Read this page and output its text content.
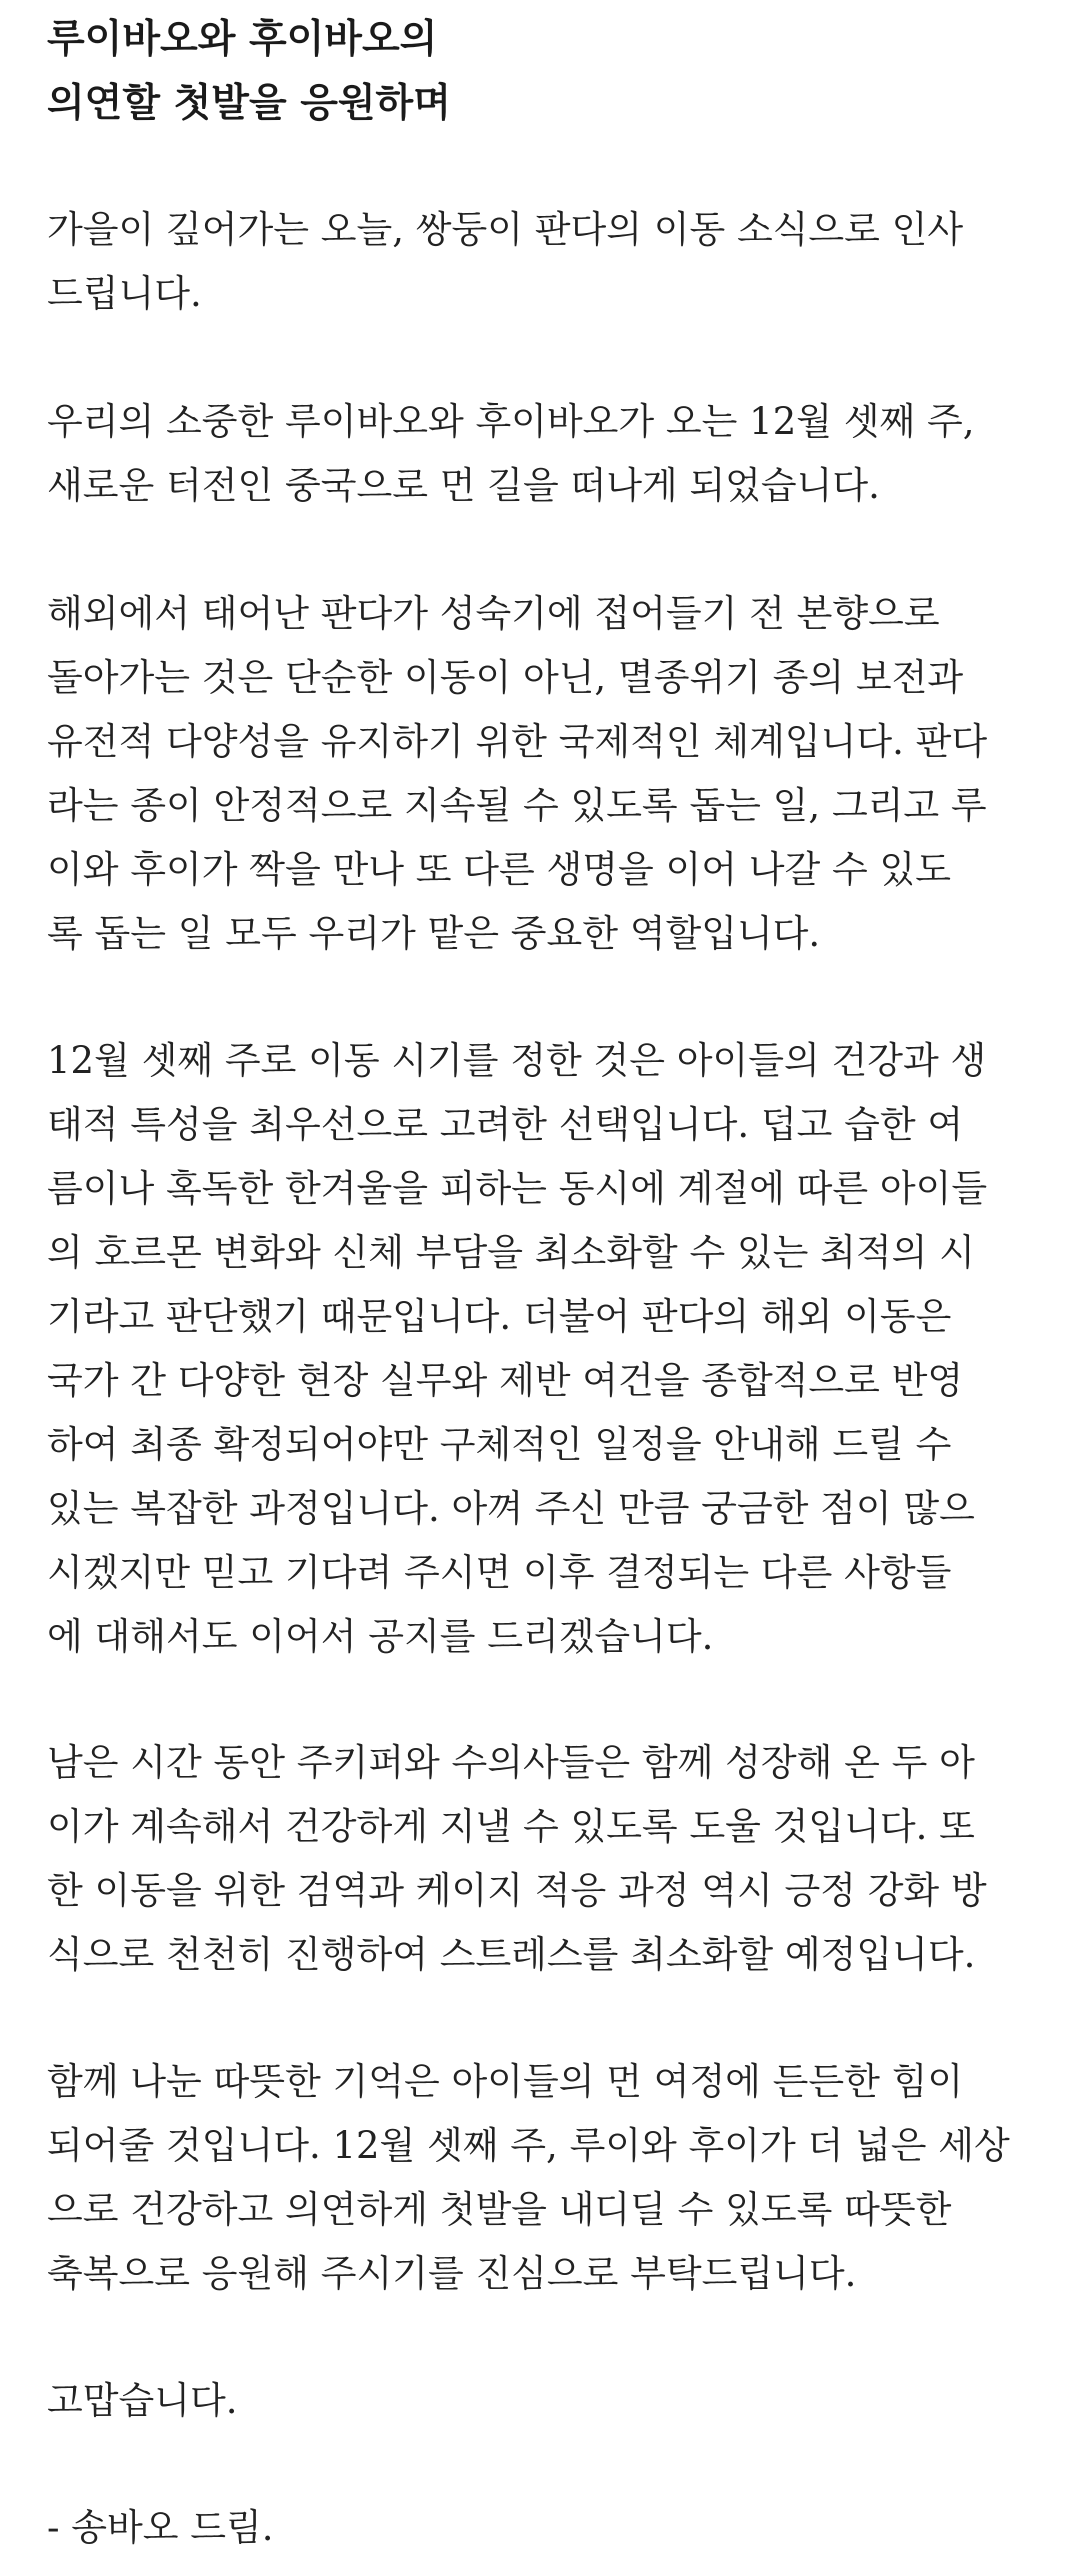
루이바오와 후이바오의
의연할 첫발을 응원하며
가을이 깊어가는 오늘, 쌍둥이 판다의 이동 소식으로 인사
드립니다.
우리의 소중한 루이바오와 후이바오가 오는 12월 셋째 주,
새로운 터전인 중국으로 먼 길을 떠나게 되었습니다.
해외에서 태어난 판다가 성숙기에 접어들기 전 본향으로
돌아가는 것은 단순한 이동이 아닌, 멸종위기 종의 보전과
유전적 다양성을 유지하기 위한 국제적인 체계입니다. 판다
라는 종이 안정적으로 지속될 수 있도록 돕는 일, 그리고 루
이와 후이가 짝을 만나 또 다른 생명을 이어 나갈 수 있도
록 돕는 일 모두 우리가 맡은 중요한 역할입니다.
12월 셋째 주로 이동 시기를 정한 것은 아이들의 건강과 생
태적 특성을 최우선으로 고려한 선택입니다. 덥고 습한 여
름이나 혹독한 한겨울을 피하는 동시에 계절에 따른 아이들
의 호르몬 변화와 신체 부담을 최소화할 수 있는 최적의 시
기라고 판단했기 때문입니다. 더불어 판다의 해외 이동은
국가 간 다양한 현장 실무와 제반 여건을 종합적으로 반영
하여 최종 확정되어야만 구체적인 일정을 안내해 드릴 수
있는 복잡한 과정입니다. 아껴 주신 만큼 궁금한 점이 많으
시겠지만 믿고 기다려 주시면 이후 결정되는 다른 사항들
에 대해서도 이어서 공지를 드리겠습니다.
남은 시간 동안 주키퍼와 수의사들은 함께 성장해 온 두 아
이가 계속해서 건강하게 지낼 수 있도록 도울 것입니다. 또
한 이동을 위한 검역과 케이지 적응 과정 역시 긍정 강화 방
식으로 천천히 진행하여 스트레스를 최소화할 예정입니다.
함께 나눈 따뜻한 기억은 아이들의 먼 여정에 든든한 힘이
되어줄 것입니다. 12월 셋째 주, 루이와 후이가 더 넓은 세상
으로 건강하고 의연하게 첫발을 내디딜 수 있도록 따뜻한
축복으로 응원해 주시기를 진심으로 부탁드립니다.
고맙습니다.
- 송바오 드림.
